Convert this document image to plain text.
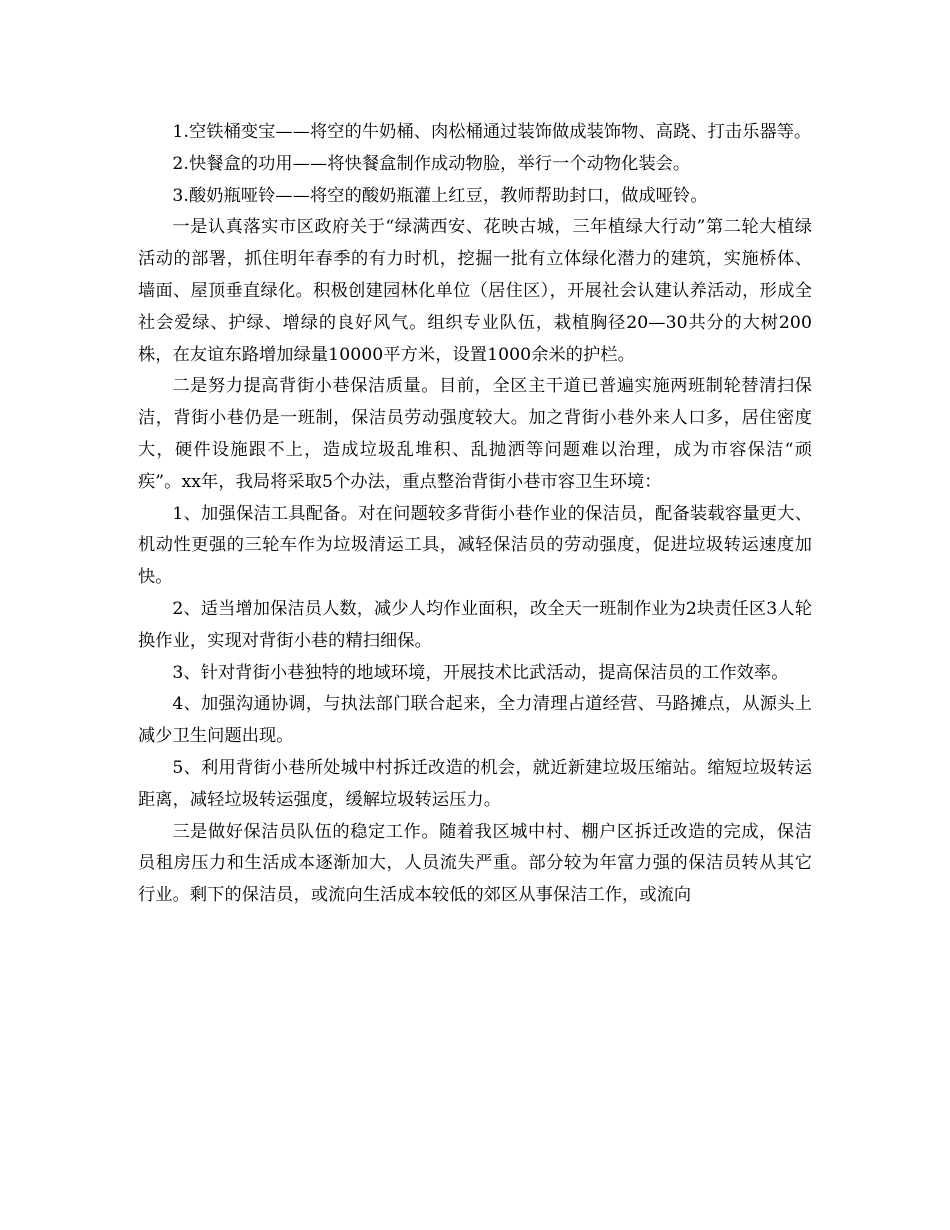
1.空铁桶变宝——将空的牛奶桶、肉松桶通过装饰做成装饰物、高跷、打击乐器等。

2.快餐盒的功用——将快餐盒制作成动物脸，举行一个动物化装会。

3.酸奶瓶哑铃——将空的酸奶瓶灌上红豆，教师帮助封口，做成哑铃。

一是认真落实市区政府关于“绿满西安、花映古城，三年植绿大行动”第二轮大植绿活动的部署，抓住明年春季的有力时机，挖掘一批有立体绿化潜力的建筑，实施桥体、墙面、屋顶垂直绿化。积极创建园林化单位（居住区），开展社会认建认养活动，形成全社会爱绿、护绿、增绿的良好风气。组织专业队伍，栽植胸径20—30共分的大树200株，在友谊东路增加绿量10000平方米，设置1000余米的护栏。

二是努力提高背街小巷保洁质量。目前，全区主干道已普遍实施两班制轮替清扫保洁，背街小巷仍是一班制，保洁员劳动强度较大。加之背街小巷外来人口多，居住密度大，硬件设施跟不上，造成垃圾乱堆积、乱抛洒等问题难以治理，成为市容保洁“顽疾”。xx年，我局将采取5个办法，重点整治背街小巷市容卫生环境：

1、加强保洁工具配备。对在问题较多背街小巷作业的保洁员，配备装载容量更大、机动性更强的三轮车作为垃圾清运工具，减轻保洁员的劳动强度，促进垃圾转运速度加快。

2、适当增加保洁员人数，减少人均作业面积，改全天一班制作业为2块责任区3人轮换作业，实现对背街小巷的精扫细保。

3、针对背街小巷独特的地域环境，开展技术比武活动，提高保洁员的工作效率。

4、加强沟通协调，与执法部门联合起来，全力清理占道经营、马路摊点，从源头上减少卫生问题出现。

5、利用背街小巷所处城中村拆迁改造的机会，就近新建垃圾压缩站。缩短垃圾转运距离，减轻垃圾转运强度，缓解垃圾转运压力。

三是做好保洁员队伍的稳定工作。随着我区城中村、棚户区拆迁改造的完成，保洁员租房压力和生活成本逐渐加大，人员流失严重。部分较为年富力强的保洁员转从其它行业。剩下的保洁员，或流向生活成本较低的郊区从事保洁工作，或流向
